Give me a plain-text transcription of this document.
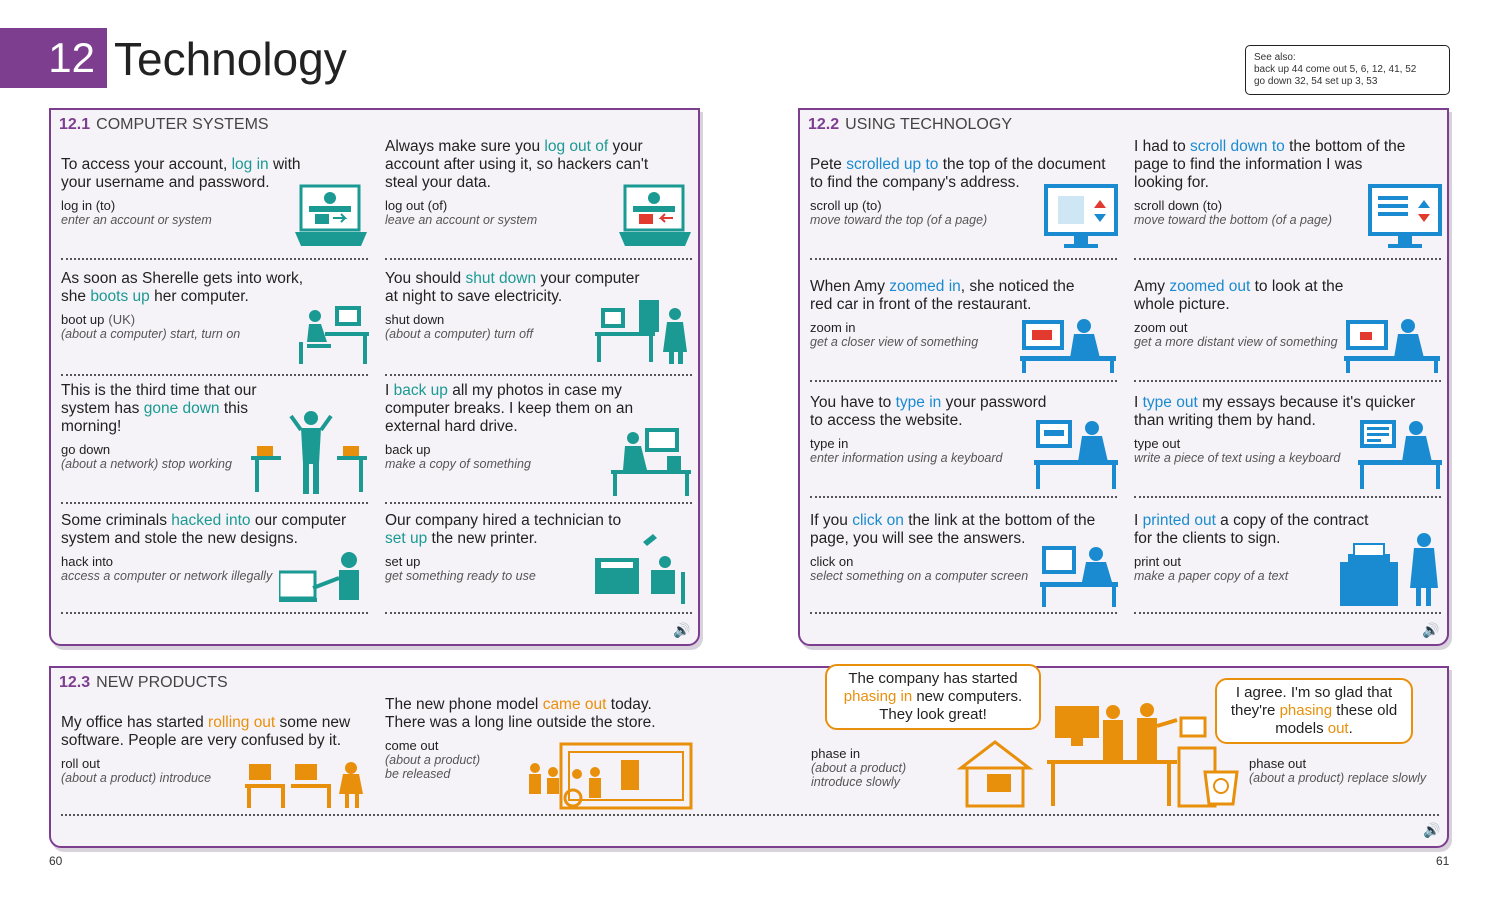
12 Technology	See also:
back up 44 come out 5, 6, 12, 41, 52
go down 32, 54 set up 3, 53
12.1 COMPUTER SYSTEMS
To access your account, log in with your username and password.
log in (to)
enter an account or system
Always make sure you log out of your account after using it, so hackers can't steal your data.
log out (of)
leave an account or system
As soon as Sherelle gets into work, she boots up her computer.
boot up (UK)
(about a computer) start, turn on
You should shut down your computer at night to save electricity.
shut down
(about a computer) turn off
This is the third time that our system has gone down this morning!
go down
(about a network) stop working
I back up all my photos in case my computer breaks. I keep them on an external hard drive.
back up
make a copy of something
Some criminals hacked into our computer system and stole the new designs.
hack into
access a computer or network illegally
Our company hired a technician to set up the new printer.
set up
get something ready to use
🔊
12.2 USING TECHNOLOGY
Pete scrolled up to the top of the document to find the company's address.
scroll up (to)
move toward the top (of a page)
I had to scroll down to the bottom of the page to find the information I was looking for.
scroll down (to)
move toward the bottom (of a page)
When Amy zoomed in, she noticed the red car in front of the restaurant.
zoom in
get a closer view of something
Amy zoomed out to look at the whole picture.
zoom out
get a more distant view of something
You have to type in your password to access the website.
type in
enter information using a keyboard
I type out my essays because it's quicker than writing them by hand.
type out
write a piece of text using a keyboard
If you click on the link at the bottom of the page, you will see the answers.
click on
select something on a computer screen
I printed out a copy of the contract for the clients to sign.
print out
make a paper copy of a text
🔊
12.3 NEW PRODUCTS
My office has started rolling out some new software. People are very confused by it.
roll out
(about a product) introduce
The new phone model came out today. There was a long line outside the store.
come out
(about a product)
be released
The company has started phasing in new computers. They look great!
phase in
(about a product)
introduce slowly
I agree. I'm so glad that they're phasing these old models out.
phase out
(about a product) replace slowly
🔊
60	61
